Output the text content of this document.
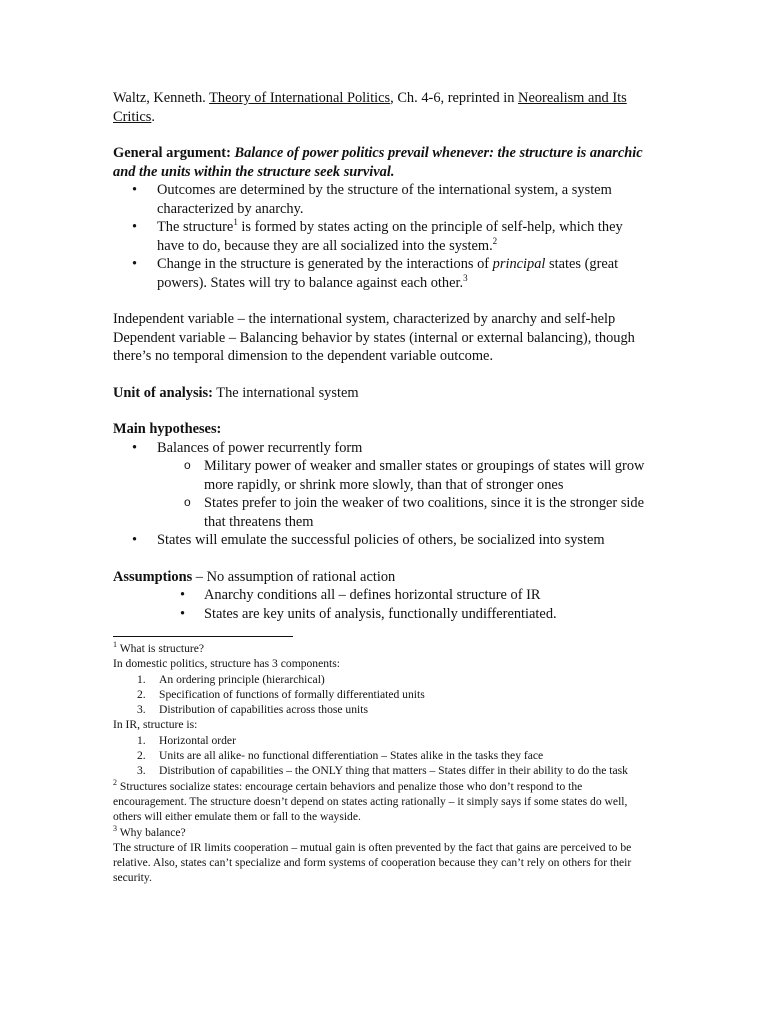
Waltz, Kenneth. Theory of International Politics, Ch. 4-6, reprinted in Neorealism and Its Critics.

General argument: Balance of power politics prevail whenever: the structure is anarchic and the units within the structure seek survival.

• Outcomes are determined by the structure of the international system, a system characterized by anarchy.
• The structure$^1$ is formed by states acting on the principle of self-help, which they have to do, because they are all socialized into the system.$^2$
• Change in the structure is generated by the interactions of principal states (great powers). States will try to balance against each other.$^3$

Independent variable – the international system, characterized by anarchy and self-help

Dependent variable – Balancing behavior by states (internal or external balancing), though there’s no temporal dimension to the dependent variable outcome.

Unit of analysis: The international system

Main hypotheses:

• Balances of power recurrently form
o Military power of weaker and smaller states or groupings of states will grow more rapidly, or shrink more slowly, than that of stronger ones
o States prefer to join the weaker of two coalitions, since it is the stronger side that threatens them
• States will emulate the successful policies of others, be socialized into system

Assumptions – No assumption of rational action

• Anarchy conditions all – defines horizontal structure of IR
• States are key units of analysis, functionally undifferentiated.

$^1$ What is structure?

In domestic politics, structure has 3 components:

1. An ordering principle (hierarchical)
2. Specification of functions of formally differentiated units
3. Distribution of capabilities across those units

In IR, structure is:

1. Horizontal order
2. Units are all alike- no functional differentiation – States alike in the tasks they face
3. Distribution of capabilities – the ONLY thing that matters – States differ in their ability to do the task

$^2$ Structures socialize states: encourage certain behaviors and penalize those who don’t respond to the encouragement. The structure doesn’t depend on states acting rationally – it simply says if some states do well, others will either emulate them or fall to the wayside.

$^3$ Why balance?

The structure of IR limits cooperation – mutual gain is often prevented by the fact that gains are perceived to be relative. Also, states can’t specialize and form systems of cooperation because they can’t rely on others for their security.
